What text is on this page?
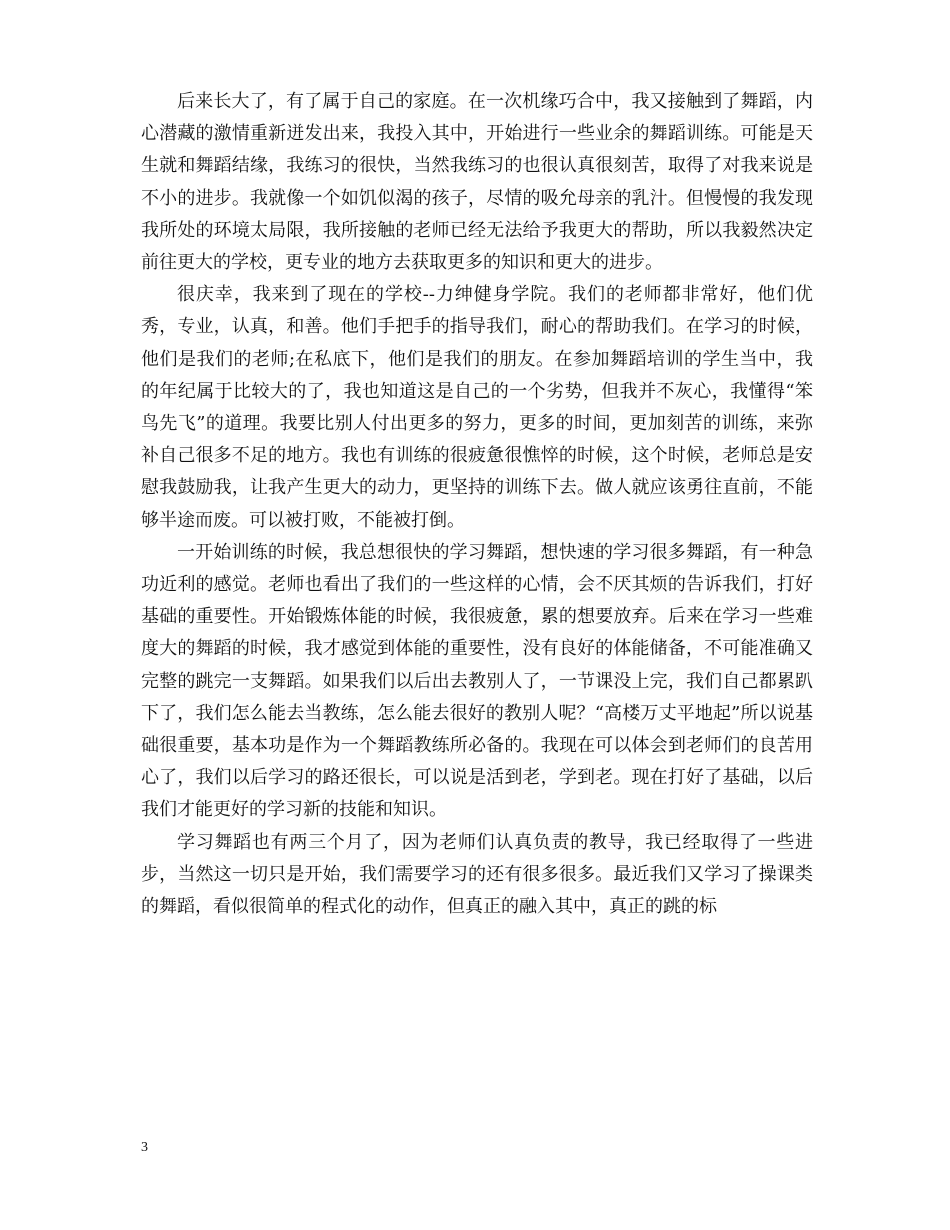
后来长大了，有了属于自己的家庭。在一次机缘巧合中，我又接触到了舞蹈，内心潜藏的激情重新迸发出来，我投入其中，开始进行一些业余的舞蹈训练。可能是天生就和舞蹈结缘，我练习的很快，当然我练习的也很认真很刻苦，取得了对我来说是不小的进步。我就像一个如饥似渴的孩子，尽情的吸允母亲的乳汁。但慢慢的我发现我所处的环境太局限，我所接触的老师已经无法给予我更大的帮助，所以我毅然决定前往更大的学校，更专业的地方去获取更多的知识和更大的进步。

很庆幸，我来到了现在的学校--力绅健身学院。我们的老师都非常好，他们优秀，专业，认真，和善。他们手把手的指导我们，耐心的帮助我们。在学习的时候，他们是我们的老师;在私底下，他们是我们的朋友。在参加舞蹈培训的学生当中，我的年纪属于比较大的了，我也知道这是自己的一个劣势，但我并不灰心，我懂得“笨鸟先飞”的道理。我要比别人付出更多的努力，更多的时间，更加刻苦的训练，来弥补自己很多不足的地方。我也有训练的很疲惫很憔悴的时候，这个时候，老师总是安慰我鼓励我，让我产生更大的动力，更坚持的训练下去。做人就应该勇往直前，不能够半途而废。可以被打败，不能被打倒。

一开始训练的时候，我总想很快的学习舞蹈，想快速的学习很多舞蹈，有一种急功近利的感觉。老师也看出了我们的一些这样的心情，会不厌其烦的告诉我们，打好基础的重要性。开始锻炼体能的时候，我很疲惫，累的想要放弃。后来在学习一些难度大的舞蹈的时候，我才感觉到体能的重要性，没有良好的体能储备，不可能准确又完整的跳完一支舞蹈。如果我们以后出去教别人了，一节课没上完，我们自己都累趴下了，我们怎么能去当教练，怎么能去很好的教别人呢？“高楼万丈平地起”所以说基础很重要，基本功是作为一个舞蹈教练所必备的。我现在可以体会到老师们的良苦用心了，我们以后学习的路还很长，可以说是活到老，学到老。现在打好了基础，以后我们才能更好的学习新的技能和知识。

学习舞蹈也有两三个月了，因为老师们认真负责的教导，我已经取得了一些进步，当然这一切只是开始，我们需要学习的还有很多很多。最近我们又学习了操课类的舞蹈，看似很简单的程式化的动作，但真正的融入其中，真正的跳的标

3
